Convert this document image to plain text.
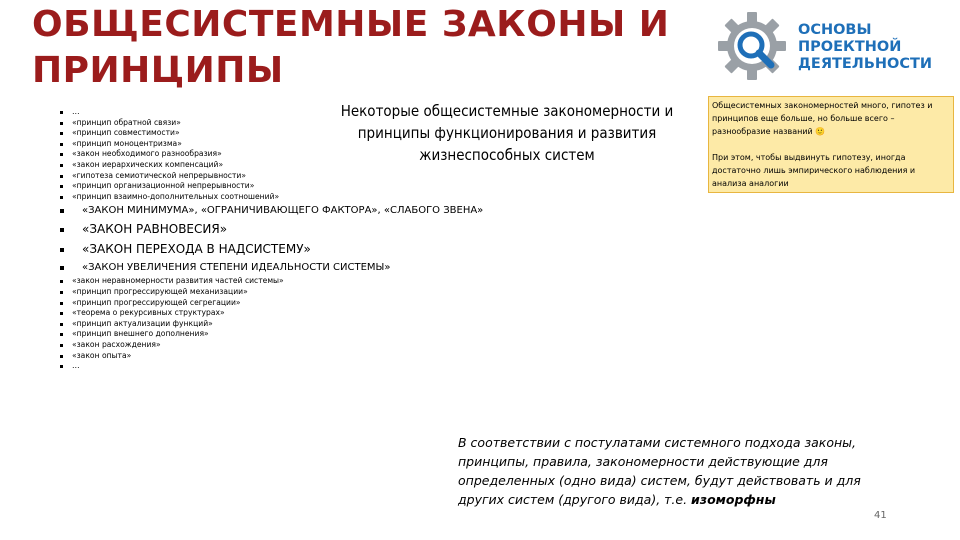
ОБЩЕСИСТЕМНЫЕ ЗАКОНЫ И ПРИНЦИПЫ
ОСНОВЫ
ПРОЕКТНОЙ
ДЕЯТЕЛЬНОСТИ
Некоторые общесистемные закономерности и принципы функционирования и развития жизнеспособных систем

Общесистемных закономерностей много, гипотез и принципов еще больше, но больше всего – разнообразие названий 🙂

При этом, чтобы выдвинуть гипотезу, иногда достаточно лишь эмпирического наблюдения и анализа аналогии

…
«принцип обратной связи»
«принцип совместимости»
«принцип моноцентризма»
«закон необходимого разнообразия»
«закон иерархических компенсаций»
«гипотеза семиотической непрерывности»
«принцип организационной непрерывности»
«принцип взаимно-дополнительных соотношений»
«ЗАКОН МИНИМУМА», «ОГРАНИЧИВАЮЩЕГО ФАКТОРА», «СЛАБОГО ЗВЕНА»
«ЗАКОН РАВНОВЕСИЯ»
«ЗАКОН ПЕРЕХОДА В НАДСИСТЕМУ»
«ЗАКОН УВЕЛИЧЕНИЯ СТЕПЕНИ ИДЕАЛЬНОСТИ СИСТЕМЫ»
«закон неравномерности развития частей системы»
«принцип прогрессирующей механизации»
«принцип прогрессирующей сегрегации»
«теорема о рекурсивных структурах»
«принцип актуализации функций»
«принцип внешнего дополнения»
«закон расхождения»
«закон опыта»
…
В соответствии с постулатами системного подхода законы, принципы, правила, закономерности действующие для определенных (одно вида) систем, будут действовать и для других систем (другого вида), т.е. изоморфны
41
